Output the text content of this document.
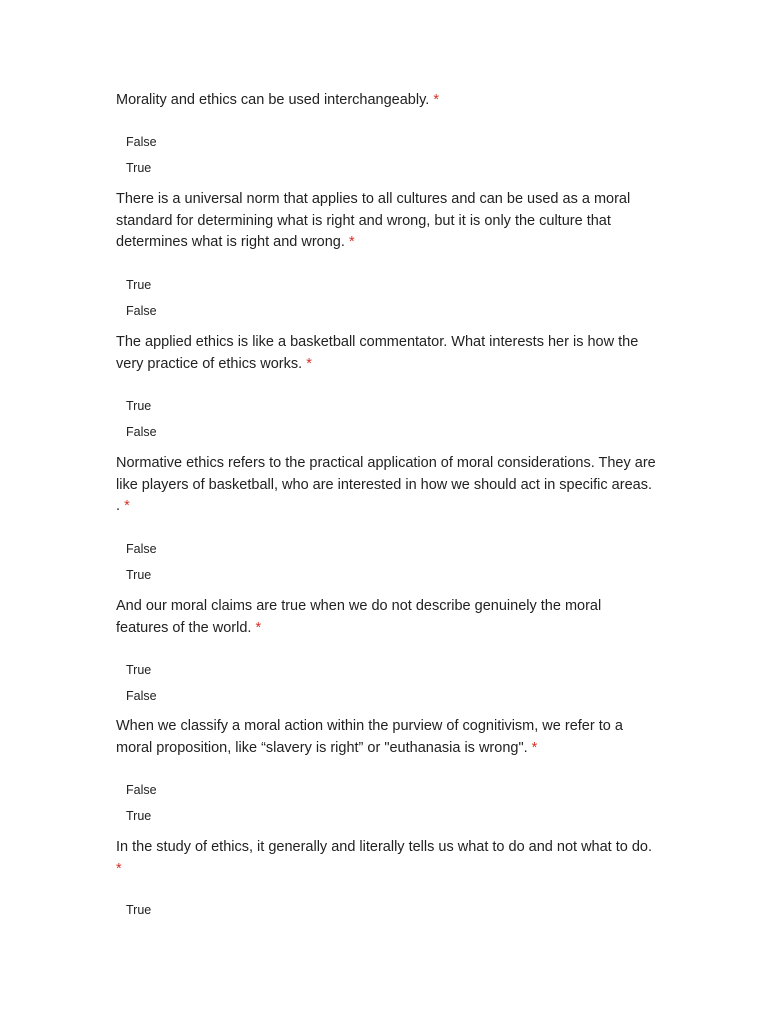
Morality and ethics can be used interchangeably. *

False
True

There is a universal norm that applies to all cultures and can be used as a moral standard for determining what is right and wrong, but it is only the culture that determines what is right and wrong. *

True
False

The applied ethics is like a basketball commentator. What interests her is how the very practice of ethics works. *

True
False

Normative ethics refers to the practical application of moral considerations. They are like players of basketball, who are interested in how we should act in specific areas. . *

False
True

And our moral claims are true when we do not describe genuinely the moral features of the world. *

True
False

When we classify a moral action within the purview of cognitivism, we refer to a moral proposition, like “slavery is right” or "euthanasia is wrong". *

False
True

In the study of ethics, it generally and literally tells us what to do and not what to do. *

True
